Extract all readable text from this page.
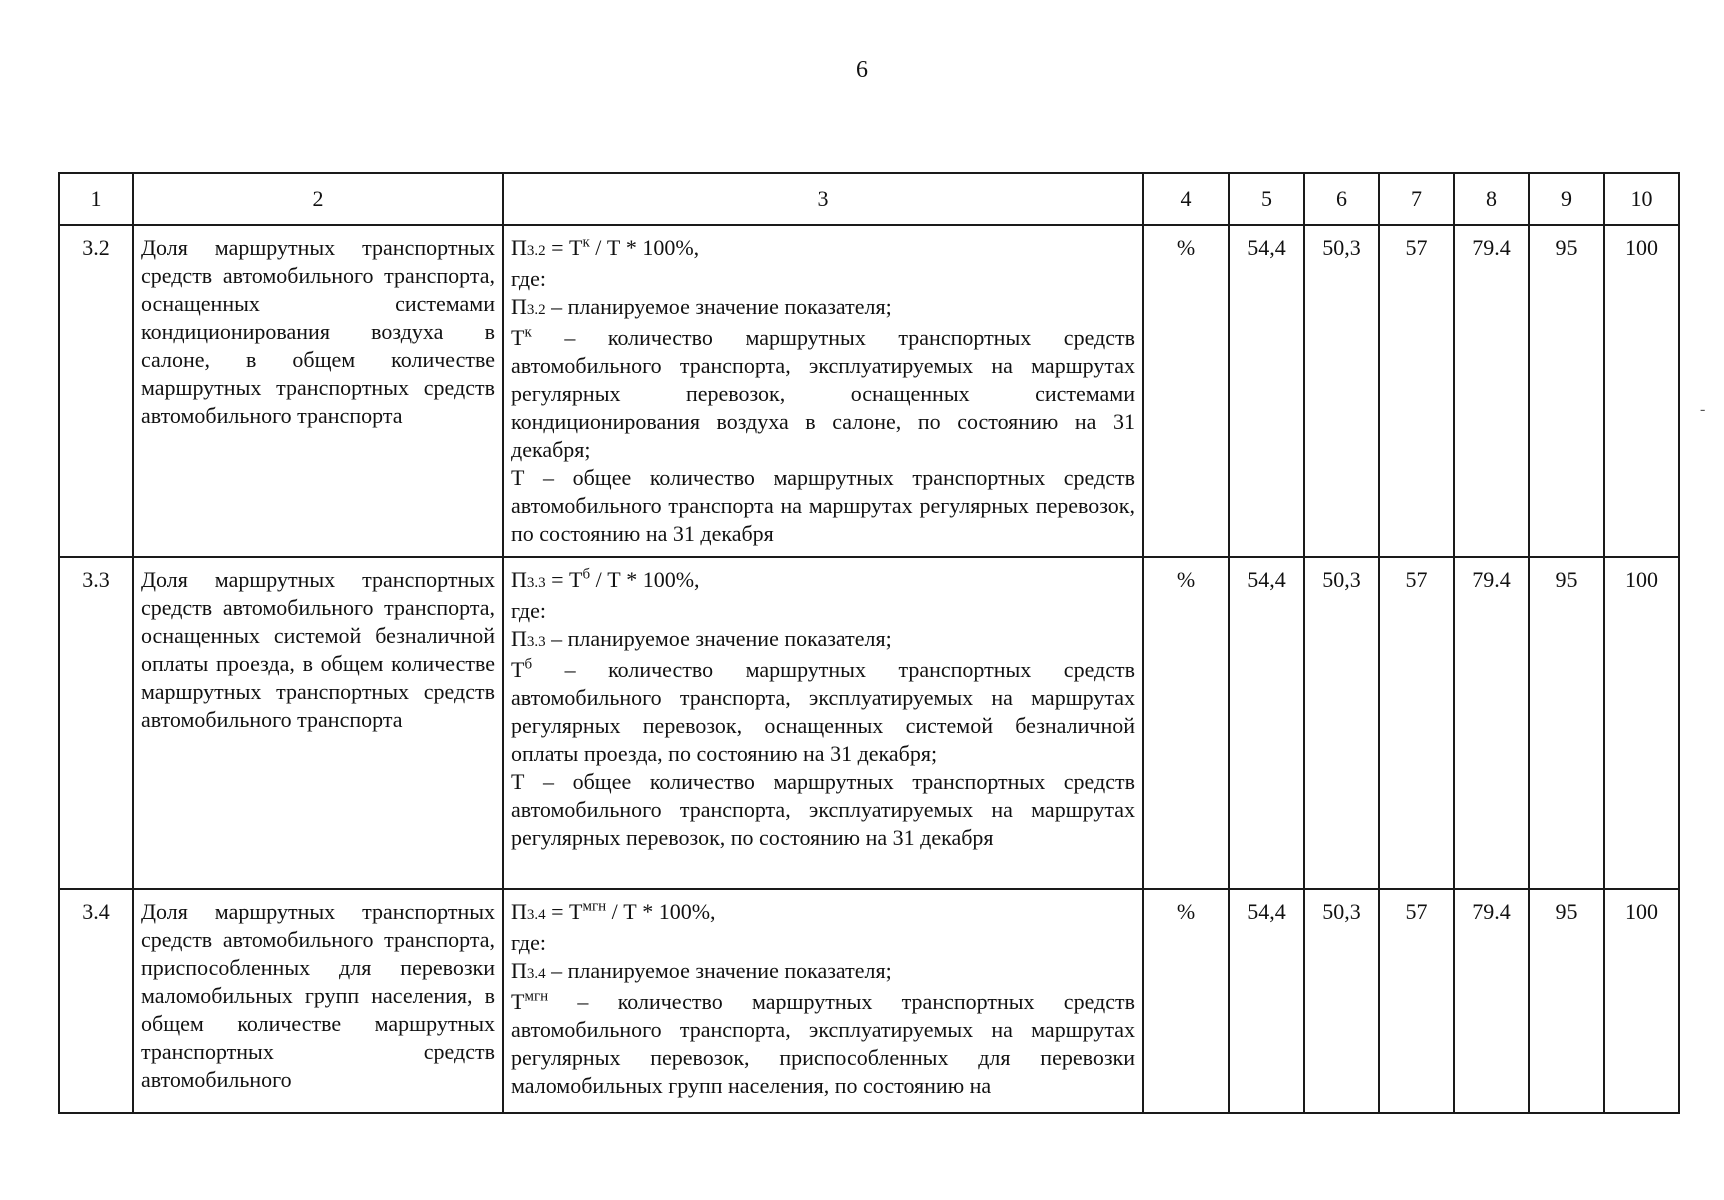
6
1	2	3	4	5	6	7	8	9	10
3.2	Доля маршрутных транспортных средств автомобильного транспорта, оснащенных системами кондиционирования воздуха в салоне, в общем количестве маршрутных транспортных средств автомобильного транспорта	$П3.2 = Т^к / Т * 100\%$,
где:
П3.2 – планируемое значение показателя;
$Т^к$ – количество маршрутных транспортных средств автомобильного транспорта, эксплуатируемых на маршрутах регулярных перевозок, оснащенных системами кондиционирования воздуха в салоне, по состоянию на 31 декабря;
Т – общее количество маршрутных транспортных средств автомобильного транспорта на маршрутах регулярных перевозок, по состоянию на 31 декабря	%	54,4	50,3	57	79.4	95	100
3.3	Доля маршрутных транспортных средств автомобильного транспорта, оснащенных системой безналичной оплаты проезда, в общем количестве маршрутных транспортных средств автомобильного транспорта	$П3.3 = Т^б / Т * 100\%$,
где:
П3.3 – планируемое значение показателя;
$Т^б$ – количество маршрутных транспортных средств автомобильного транспорта, эксплуатируемых на маршрутах регулярных перевозок, оснащенных системой безналичной оплаты проезда, по состоянию на 31 декабря;
Т – общее количество маршрутных транспортных средств автомобильного транспорта, эксплуатируемых на маршрутах регулярных перевозок, по состоянию на 31 декабря	%	54,4	50,3	57	79.4	95	100
3.4	Доля маршрутных транспортных средств автомобильного транспорта, приспособленных для перевозки маломобильных групп населения, в общем количестве маршрутных транспортных средств автомобильного	$П3.4 = Т^{мгн} / Т * 100\%$,
где:
П3.4 – планируемое значение показателя;
$Т^{мгн}$ – количество маршрутных транспортных средств автомобильного транспорта, эксплуатируемых на маршрутах регулярных перевозок, приспособленных для перевозки маломобильных групп населения, по состоянию на	%	54,4	50,3	57	79.4	95	100
-
